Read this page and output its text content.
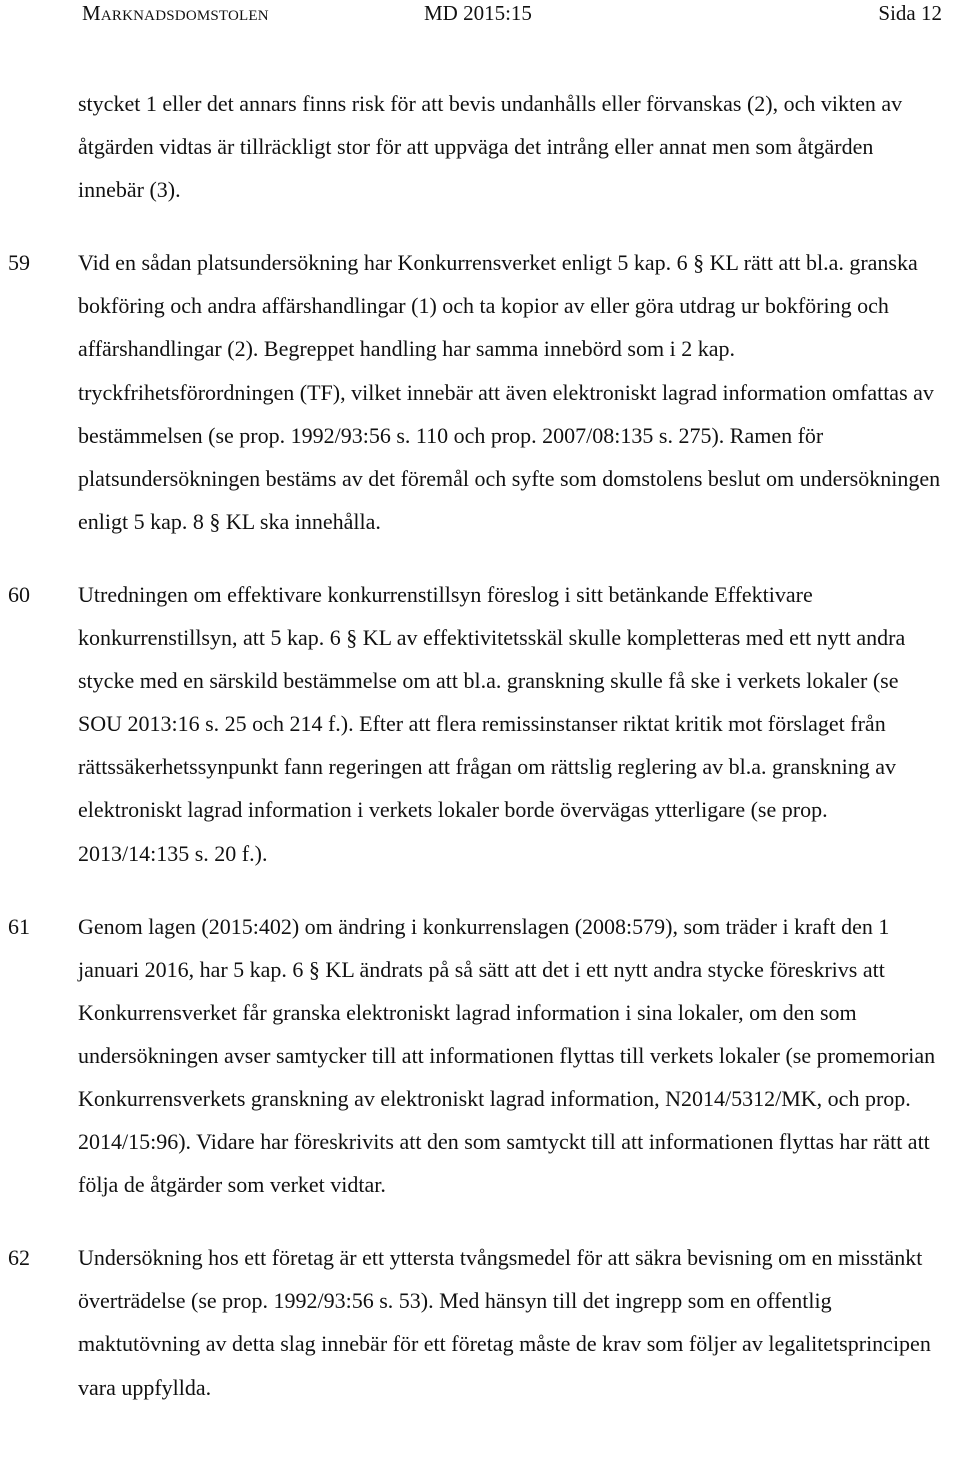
Marknadsdomstolen	MD 2015:15	Sida 12
stycket 1 eller det annars finns risk för att bevis undanhålls eller förvanskas (2), och vikten av åtgärden vidtas är tillräckligt stor för att uppväga det intrång eller annat men som åtgärden innebär (3).
59	Vid en sådan platsundersökning har Konkurrensverket enligt 5 kap. 6 § KL rätt att bl.a. granska bokföring och andra affärshandlingar (1) och ta kopior av eller göra utdrag ur bokföring och affärshandlingar (2). Begreppet handling har samma innebörd som i 2 kap. tryckfrihetsförordningen (TF), vilket innebär att även elektroniskt lagrad information omfattas av bestämmelsen (se prop. 1992/93:56 s. 110 och prop. 2007/08:135 s. 275). Ramen för platsundersökningen bestäms av det föremål och syfte som domstolens beslut om undersökningen enligt 5 kap. 8 § KL ska innehålla.
60	Utredningen om effektivare konkurrenstillsyn föreslog i sitt betänkande Effektivare konkurrenstillsyn, att 5 kap. 6 § KL av effektivitetsskäl skulle kompletteras med ett nytt andra stycke med en särskild bestämmelse om att bl.a. granskning skulle få ske i verkets lokaler (se SOU 2013:16 s. 25 och 214 f.). Efter att flera remissinstanser riktat kritik mot förslaget från rättssäkerhetssynpunkt fann regeringen att frågan om rättslig reglering av bl.a. granskning av elektroniskt lagrad information i verkets lokaler borde övervägas ytterligare (se prop. 2013/14:135 s. 20 f.).
61	Genom lagen (2015:402) om ändring i konkurrenslagen (2008:579), som träder i kraft den 1 januari 2016, har 5 kap. 6 § KL ändrats på så sätt att det i ett nytt andra stycke föreskrivs att Konkurrensverket får granska elektroniskt lagrad information i sina lokaler, om den som undersökningen avser samtycker till att informationen flyttas till verkets lokaler (se promemorian Konkurrensverkets granskning av elektroniskt lagrad information, N2014/5312/MK, och prop. 2014/15:96). Vidare har föreskrivits att den som samtyckt till att informationen flyttas har rätt att följa de åtgärder som verket vidtar.
62	Undersökning hos ett företag är ett yttersta tvångsmedel för att säkra bevisning om en misstänkt överträdelse (se prop. 1992/93:56 s. 53). Med hänsyn till det ingrepp som en offentlig maktutövning av detta slag innebär för ett företag måste de krav som följer av legalitetsprincipen vara uppfyllda.
